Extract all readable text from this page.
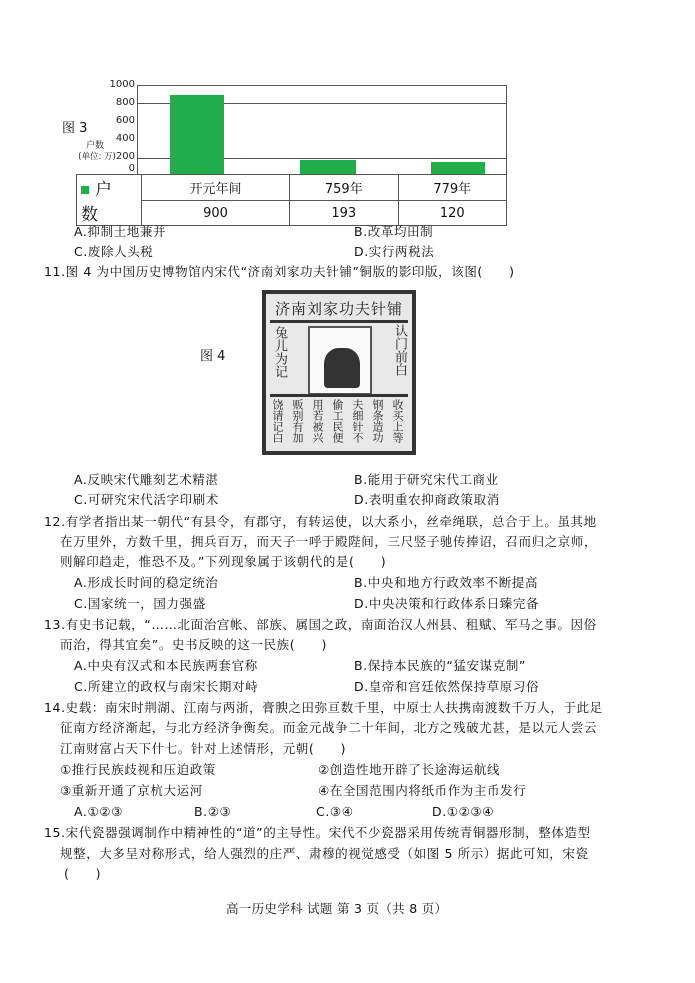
图 3
1000
800
600
400
200
0
户数
(单位: 万)
户 数	开元年间	759年	779年
	900	193	120
A.抑制土地兼并	B.改革均田制
C.废除人头税	D.实行两税法
11.图 4 为中国历史博物馆内宋代“济南刘家功夫针铺”铜版的影印版，该图(　　)
图 4
济南刘家功夫针铺
兔儿为记	认门前白
收买上等
钢条造功
夫细针不
偷工民便
用若被兴
贩别有加
饶请记白
A.反映宋代雕刻艺术精湛	B.能用于研究宋代工商业
C.可研究宋代活字印刷术	D.表明重农抑商政策取消
12.有学者指出某一朝代“有县令，有郡守，有转运使，以大系小，丝牵绳联，总合于上。虽其地
在万里外，方数千里，拥兵百万，而天子一呼于殿陛间，三尺竖子驰传捧诏，召而归之京师，
则解印趋走，惟恐不及。”下列现象属于该朝代的是(　　)
A.形成长时间的稳定统治	B.中央和地方行政效率不断提高
C.国家统一，国力强盛	D.中央决策和行政体系日臻完备
13.有史书记载，“……北面治宫帐、部族、属国之政，南面治汉人州县、租赋、军马之事。因俗
而治，得其宜矣”。史书反映的这一民族(　　)
A.中央有汉式和本民族两套官称	B.保持本民族的“猛安谋克制”
C.所建立的政权与南宋长期对峙	D.皇帝和宫廷依然保持草原习俗
14.史载：南宋时荆湖、江南与两浙，膏腴之田弥亘数千里，中原士人扶携南渡数千万人，于此足
征南方经济渐起，与北方经济争衡矣。而金元战争二十年间，北方之残破尤甚，是以元人尝云
江南财富占天下什七。针对上述情形，元朝(　　)
①推行民族歧视和压迫政策	②创造性地开辟了长途海运航线
③重新开通了京杭大运河	④在全国范围内将纸币作为主币发行
A.①②③	B.②③	C.③④	D.①②③④
15.宋代瓷器强调制作中精神性的“道”的主导性。宋代不少瓷器采用传统青铜器形制，整体造型
规整，大多呈对称形式，给人强烈的庄严、肃穆的视觉感受（如图 5 所示）据此可知，宋瓷
(　　)
高一历史学科 试题 第 3 页（共 8 页）
